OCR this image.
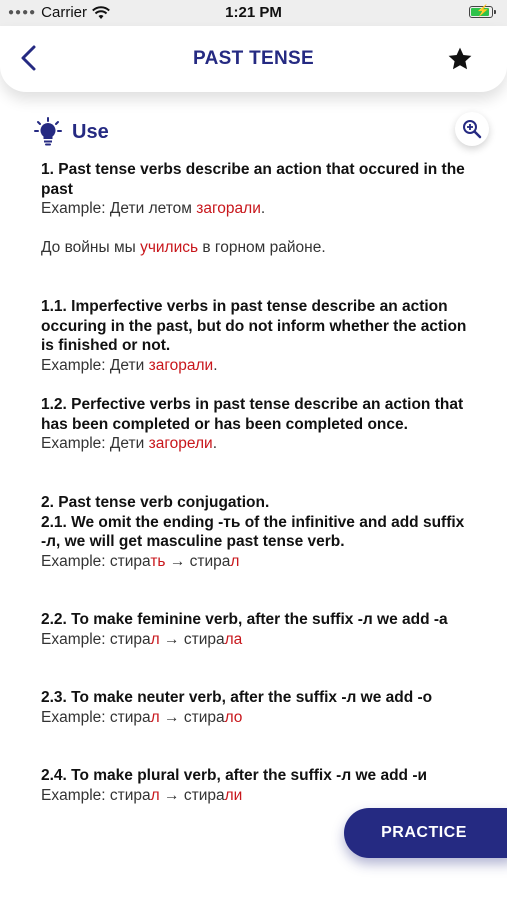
●●●● Carrier	1:21 PM	⚡
PAST TENSE
Use
1. Past tense verbs describe an action that occured in the past
Example: Дети летом загорали.
До войны мы учились в горном районе.
1.1. Imperfective verbs in past tense describe an action occuring in the past, but do not inform whether the action is finished or not.
Example: Дети загорали.
1.2. Perfective verbs in past tense describe an action that has been completed or has been completed once.
Example: Дети загорели.
2. Past tense verb conjugation.
2.1. We omit the ending -ть of the infinitive and add suffix -л, we will get masculine past tense verb.
Example: стирать → стирал
2.2. To make feminine verb, after the suffix -л we add -а
Example: стирал → стирала
2.3. To make neuter verb, after the suffix -л we add -о
Example: стирал → стирало
2.4. To make plural verb, after the suffix -л we add -и
Example: стирал → стирали
PRACTICE
